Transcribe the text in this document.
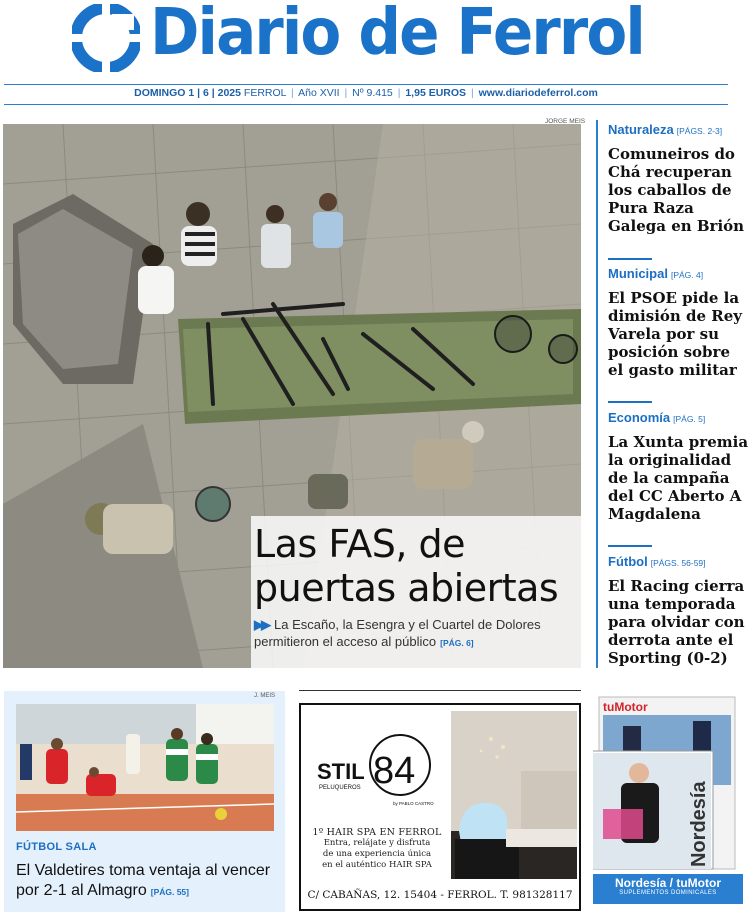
Diario de Ferrol
DOMINGO 1 | 6 | 2025 FERROL | Año XVII | Nº 9.415 | 1,95 EUROS | www.diariodeferrol.com
JORGE MEIS
Las FAS, de
puertas abiertas
▶▶ La Escaño, la Esengra y el Cuartel de Dolores permitieron el acceso al público [PÁG. 6]
Naturaleza [PÁGS. 2-3]
Comuneiros do Chá recuperan los caballos de Pura Raza Galega en Brión
Municipal [PÁG. 4]
El PSOE pide la dimisión de Rey Varela por su posición sobre el gasto militar
Economía [PÁG. 5]
La Xunta premia la originalidad de la campaña del CC Aberto A Magdalena
Fútbol [PÁGS. 56-59]
El Racing cierra una temporada para olvidar con derrota ante el Sporting (0-2)
J. MEIS
FÚTBOL SALA
El Valdetires toma ventaja al vencer por 2-1 al Almagro [PÁG. 55]
STIL 84
PELUQUEROS
by PABLO CASTRO
1º HAIR SPA EN FERROL
Entra, relájate y disfruta
de una experiencia única
en el auténtico HAIR SPA
C/ CABAÑAS, 12. 15404 - FERROL. T. 981328117
tuMotor
Nordesía
Nordesía / tuMotor
SUPLEMENTOS DOMINICALES
